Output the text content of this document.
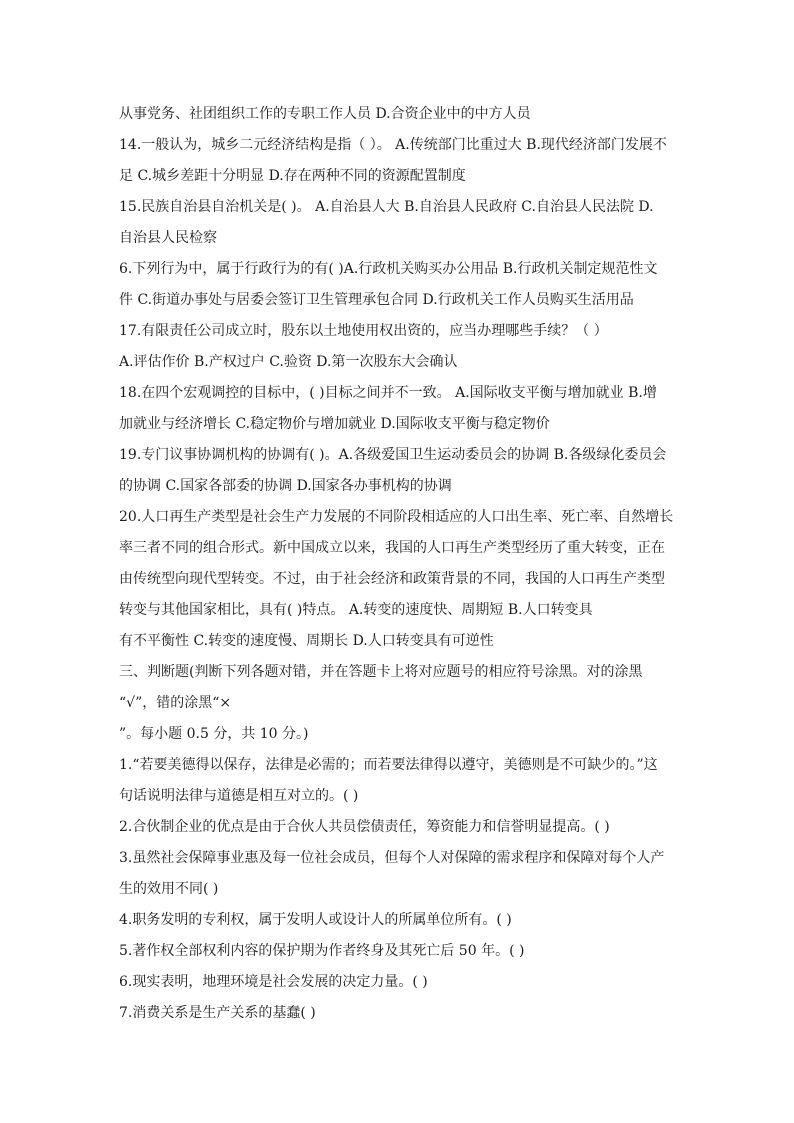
从事党务、社团组织工作的专职工作人员 D.合资企业中的中方人员
14.一般认为，城乡二元经济结构是指（ ）。 A.传统部门比重过大 B.现代经济部门发展不
足 C.城乡差距十分明显 D.存在两种不同的资源配置制度
15.民族自治县自治机关是( )。 A.自治县人大 B.自治县人民政府 C.自治县人民法院 D.
自治县人民检察
6.下列行为中，属于行政行为的有( )A.行政机关购买办公用品 B.行政机关制定规范性文
件 C.街道办事处与居委会签订卫生管理承包合同 D.行政机关工作人员购买生活用品
17.有限责任公司成立时，股东以土地使用权出资的，应当办理哪些手续？（ ）
A.评估作价 B.产权过户 C.验资 D.第一次股东大会确认
18.在四个宏观调控的目标中，( )目标之间并不一致。 A.国际收支平衡与增加就业 B.增
加就业与经济增长 C.稳定物价与增加就业 D.国际收支平衡与稳定物价
19.专门议事协调机构的协调有( )。A.各级爱国卫生运动委员会的协调 B.各级绿化委员会
的协调 C.国家各部委的协调 D.国家各办事机构的协调
20.人口再生产类型是社会生产力发展的不同阶段相适应的人口出生率、死亡率、自然增长
率三者不同的组合形式。新中国成立以来，我国的人口再生产类型经历了重大转变，正在
由传统型向现代型转变。不过，由于社会经济和政策背景的不同，我国的人口再生产类型
转变与其他国家相比，具有( )特点。 A.转变的速度快、周期短 B.人口转变具
有不平衡性 C.转变的速度慢、周期长 D.人口转变具有可逆性
三、判断题(判断下列各题对错，并在答题卡上将对应题号的相应符号涂黑。对的涂黑
“√”，错的涂黑“×
”。每小题 0.5 分，共 10 分。)
1.“若要美德得以保存，法律是必需的；而若要法律得以遵守，美德则是不可缺少的。”这
句话说明法律与道德是相互对立的。( )
2.合伙制企业的优点是由于合伙人共员偿债责任，筹资能力和信誉明显提高。( )
3.虽然社会保障事业惠及每一位社会成员，但每个人对保障的需求程序和保障对每个人产
生的效用不同( )
4.职务发明的专利权，属于发明人或设计人的所属单位所有。( )
5.著作权全部权利内容的保护期为作者终身及其死亡后 50 年。( )
6.现实表明，地理环境是社会发展的决定力量。( )
7.消费关系是生产关系的基蠢( )
